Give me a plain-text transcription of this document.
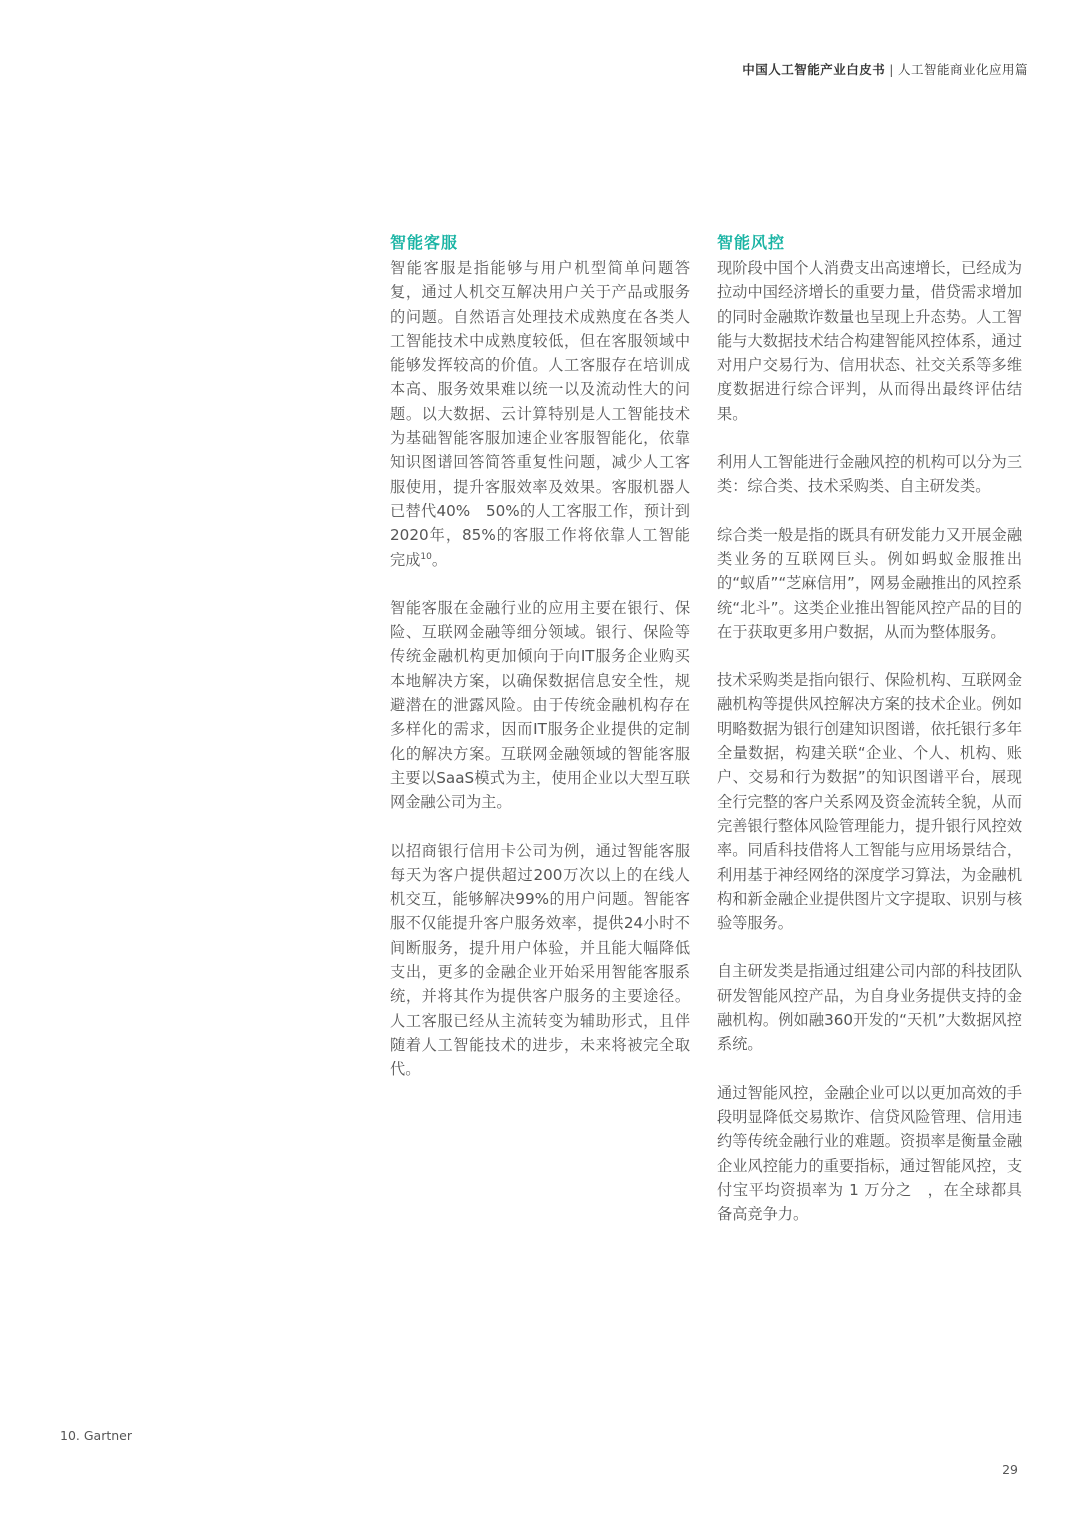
中国人工智能产业白皮书 | 人工智能商业化应用篇
智能客服

智能客服是指能够与用户机型简单问题答复，通过人机交互解决用户关于产品或服务的问题。自然语言处理技术成熟度在各类人工智能技术中成熟度较低，但在客服领域中能够发挥较高的价值。人工客服存在培训成本高、服务效果难以统一以及流动性大的问题。以大数据、云计算特别是人工智能技术为基础智能客服加速企业客服智能化，依靠知识图谱回答简答重复性问题，减少人工客服使用，提升客服效率及效果。客服机器人已替代40%　50%的人工客服工作，预计到2020年，85%的客服工作将依靠人工智能完成$^{10}$。

智能客服在金融行业的应用主要在银行、保险、互联网金融等细分领域。银行、保险等传统金融机构更加倾向于向IT服务企业购买本地解决方案，以确保数据信息安全性，规避潜在的泄露风险。由于传统金融机构存在多样化的需求，因而IT服务企业提供的定制化的解决方案。互联网金融领域的智能客服主要以SaaS模式为主，使用企业以大型互联网金融公司为主。

以招商银行信用卡公司为例，通过智能客服每天为客户提供超过200万次以上的在线人机交互，能够解决99%的用户问题。智能客服不仅能提升客户服务效率，提供24小时不间断服务，提升用户体验，并且能大幅降低支出，更多的金融企业开始采用智能客服系统，并将其作为提供客户服务的主要途径。人工客服已经从主流转变为辅助形式，且伴随着人工智能技术的进步，未来将被完全取代。

智能风控

现阶段中国个人消费支出高速增长，已经成为拉动中国经济增长的重要力量，借贷需求增加的同时金融欺诈数量也呈现上升态势。人工智能与大数据技术结合构建智能风控体系，通过对用户交易行为、信用状态、社交关系等多维度数据进行综合评判，从而得出最终评估结果。

利用人工智能进行金融风控的机构可以分为三类：综合类、技术采购类、自主研发类。

综合类一般是指的既具有研发能力又开展金融类业务的互联网巨头。例如蚂蚁金服推出的“蚁盾”“芝麻信用”，网易金融推出的风控系统“北斗”。这类企业推出智能风控产品的目的在于获取更多用户数据，从而为整体服务。

技术采购类是指向银行、保险机构、互联网金融机构等提供风控解决方案的技术企业。例如明略数据为银行创建知识图谱，依托银行多年全量数据，构建关联“企业、个人、机构、账户、交易和行为数据”的知识图谱平台，展现全行完整的客户关系网及资金流转全貌，从而完善银行整体风险管理能力，提升银行风控效率。同盾科技借将人工智能与应用场景结合，利用基于神经网络的深度学习算法，为金融机构和新金融企业提供图片文字提取、识别与核验等服务。

自主研发类是指通过组建公司内部的科技团队研发智能风控产品，为自身业务提供支持的金融机构。例如融360开发的“天机”大数据风控系统。

通过智能风控，金融企业可以以更加高效的手段明显降低交易欺诈、信贷风险管理、信用违约等传统金融行业的难题。资损率是衡量金融企业风控能力的重要指标，通过智能风控，支付宝平均资损率为 1 万分之　，在全球都具备高竞争力。

10. Gartner
29
